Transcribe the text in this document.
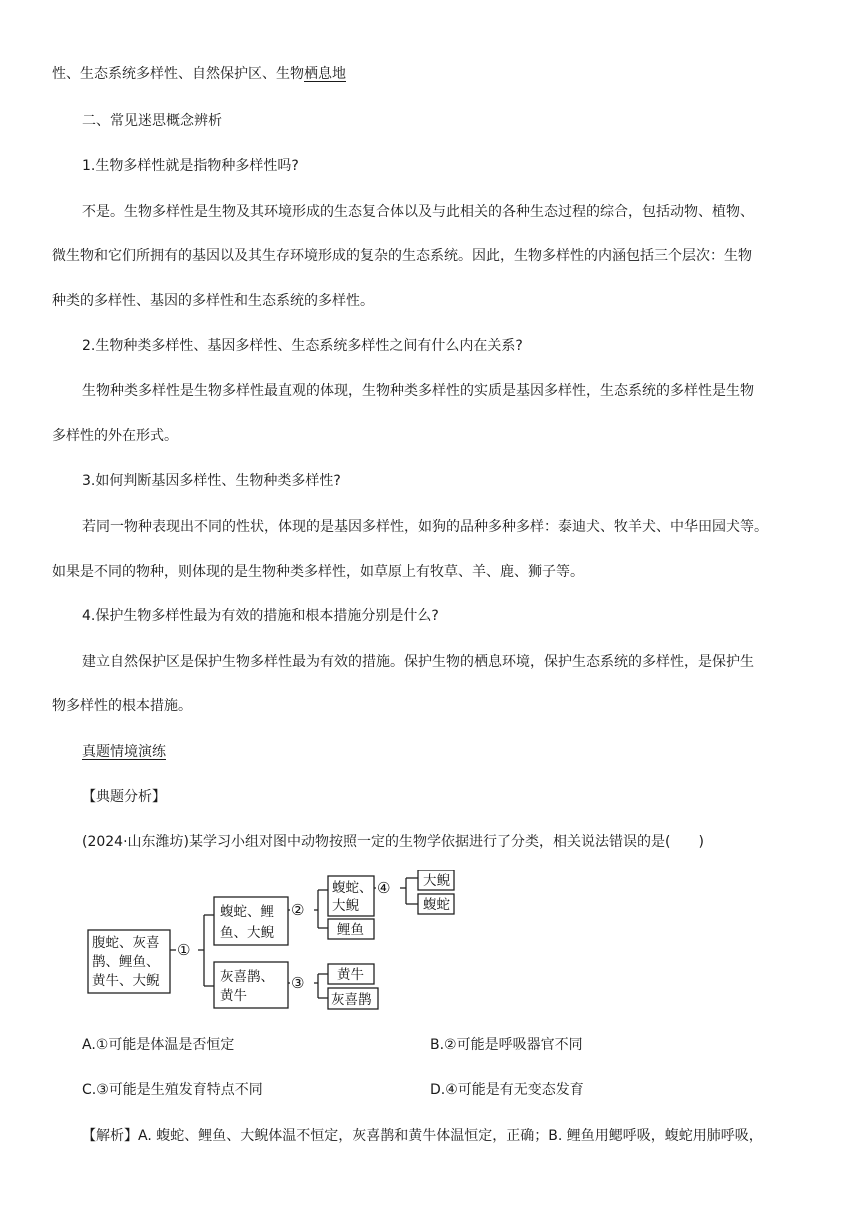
性、生态系统多样性、自然保护区、生物栖息地
二、常见迷思概念辨析
1.生物多样性就是指物种多样性吗?
不是。生物多样性是生物及其环境形成的生态复合体以及与此相关的各种生态过程的综合，包括动物、植物、
微生物和它们所拥有的基因以及其生存环境形成的复杂的生态系统。因此，生物多样性的内涵包括三个层次：生物
种类的多样性、基因的多样性和生态系统的多样性。
2.生物种类多样性、基因多样性、生态系统多样性之间有什么内在关系?
生物种类多样性是生物多样性最直观的体现，生物种类多样性的实质是基因多样性，生态系统的多样性是生物
多样性的外在形式。
3.如何判断基因多样性、生物种类多样性?
若同一物种表现出不同的性状，体现的是基因多样性，如狗的品种多种多样：泰迪犬、牧羊犬、中华田园犬等。
如果是不同的物种，则体现的是生物种类多样性，如草原上有牧草、羊、鹿、狮子等。
4.保护生物多样性最为有效的措施和根本措施分别是什么?
建立自然保护区是保护生物多样性最为有效的措施。保护生物的栖息环境，保护生态系统的多样性，是保护生
物多样性的根本措施。
真题情境演练
【典题分析】
(2024·山东潍坊)某学习小组对图中动物按照一定的生物学依据进行了分类，相关说法错误的是(　　)
腹蛇、灰喜
鹊、鲤鱼、
黄牛、大鲵
①
蝮蛇、鲤
鱼、大鲵
②
蝮蛇、
大鲵
④ 大鲵
蝮蛇
鲤鱼
灰喜鹊、
黄牛
③ 黄牛
灰喜鹊
A.①可能是体温是否恒定	B.②可能是呼吸器官不同
C.③可能是生殖发育特点不同	D.④可能是有无变态发育
【解析】A. 蝮蛇、鲤鱼、大鲵体温不恒定，灰喜鹊和黄牛体温恒定，正确；B. 鲤鱼用鳃呼吸，蝮蛇用肺呼吸，
